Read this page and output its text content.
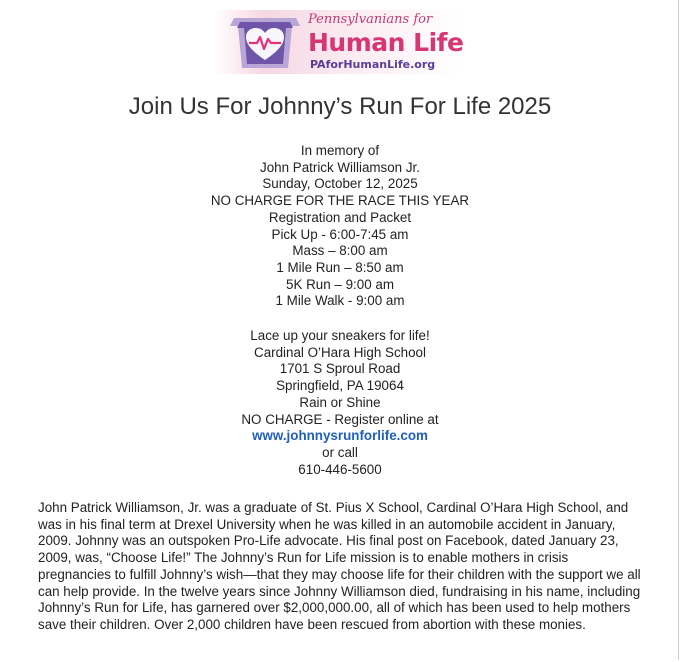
Pennsylvanians for
Human Life
PAforHumanLife.org
Join Us For Johnny’s Run For Life 2025
In memory of
John Patrick Williamson Jr.
Sunday, October 12, 2025
NO CHARGE FOR THE RACE THIS YEAR
Registration and Packet
Pick Up - 6:00-7:45 am
Mass – 8:00 am
1 Mile Run – 8:50 am
5K Run – 9:00 am
1 Mile Walk - 9:00 am
Lace up your sneakers for life!
Cardinal O’Hara High School
1701 S Sproul Road
Springfield, PA 19064
Rain or Shine
NO CHARGE - Register online at
www.johnnysrunforlife.com
or call
610-446-5600
John Patrick Williamson, Jr. was a graduate of St. Pius X School, Cardinal O’Hara High School, and was in his final term at Drexel University when he was killed in an automobile accident in January, 2009. Johnny was an outspoken Pro-Life advocate. His final post on Facebook, dated January 23, 2009, was, “Choose Life!” The Johnny’s Run for Life mission is to enable mothers in crisis pregnancies to fulfill Johnny’s wish—that they may choose life for their children with the support we all can help provide. In the twelve years since Johnny Williamson died, fundraising in his name, including Johnny’s Run for Life, has garnered over $2,000,000.00, all of which has been used to help mothers save their children. Over 2,000 children have been rescued from abortion with these monies.
